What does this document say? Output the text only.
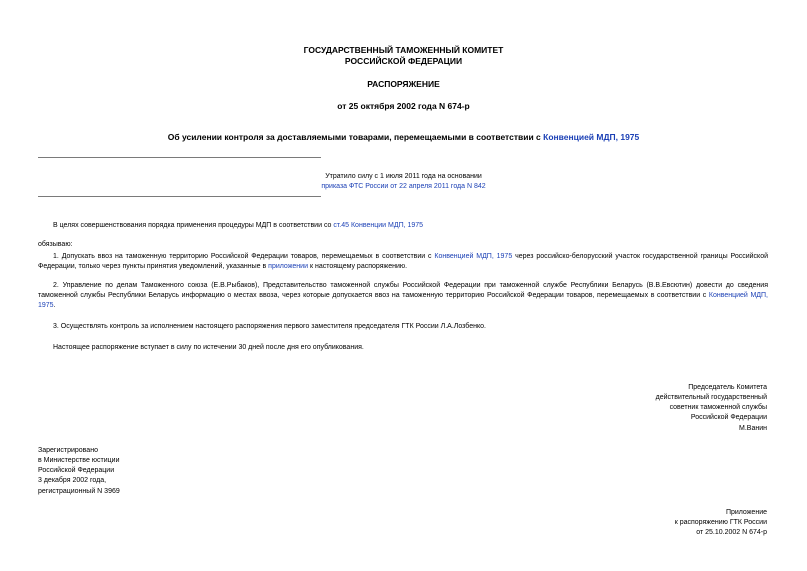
ГОСУДАРСТВЕННЫЙ ТАМОЖЕННЫЙ КОМИТЕТ
РОССИЙСКОЙ ФЕДЕРАЦИИ
РАСПОРЯЖЕНИЕ
от 25 октября 2002 года N 674-р
Об усилении контроля за доставляемыми товарами, перемещаемыми в соответствии с Конвенцией МДП, 1975
Утратило силу с 1 июля 2011 года на основании
приказа ФТС России от 22 апреля 2011 года N 842
В целях совершенствования порядка применения процедуры МДП в соответствии со ст.45 Конвенции МДП, 1975
обязываю:
1. Допускать ввоз на таможенную территорию Российской Федерации товаров, перемещаемых в соответствии с Конвенцией МДП, 1975 через российско-белорусский участок государственной границы Российской Федерации, только через пункты принятия уведомлений, указанные в приложении к настоящему распоряжению.
2. Управление по делам Таможенного союза (Е.В.Рыбаков), Представительство таможенной службы Российской Федерации при таможенной службе Республики Беларусь (В.В.Евсютин) довести до сведения таможенной службы Республики Беларусь информацию о местах ввоза, через которые допускается ввоз на таможенную территорию Российской Федерации товаров, перемещаемых в соответствии с Конвенцией МДП, 1975.
3. Осуществлять контроль за исполнением настоящего распоряжения первого заместителя председателя ГТК России Л.А.Лозбенко.
Настоящее распоряжение вступает в силу по истечении 30 дней после дня его опубликования.
Председатель Комитета
действительный государственный
советник таможенной службы
Российской Федерации
М.Ванин
Зарегистрировано
в Министерстве юстиции
Российской Федерации
3 декабря 2002 года,
регистрационный N 3969
Приложение
к распоряжению ГТК России
от 25.10.2002 N 674-р
